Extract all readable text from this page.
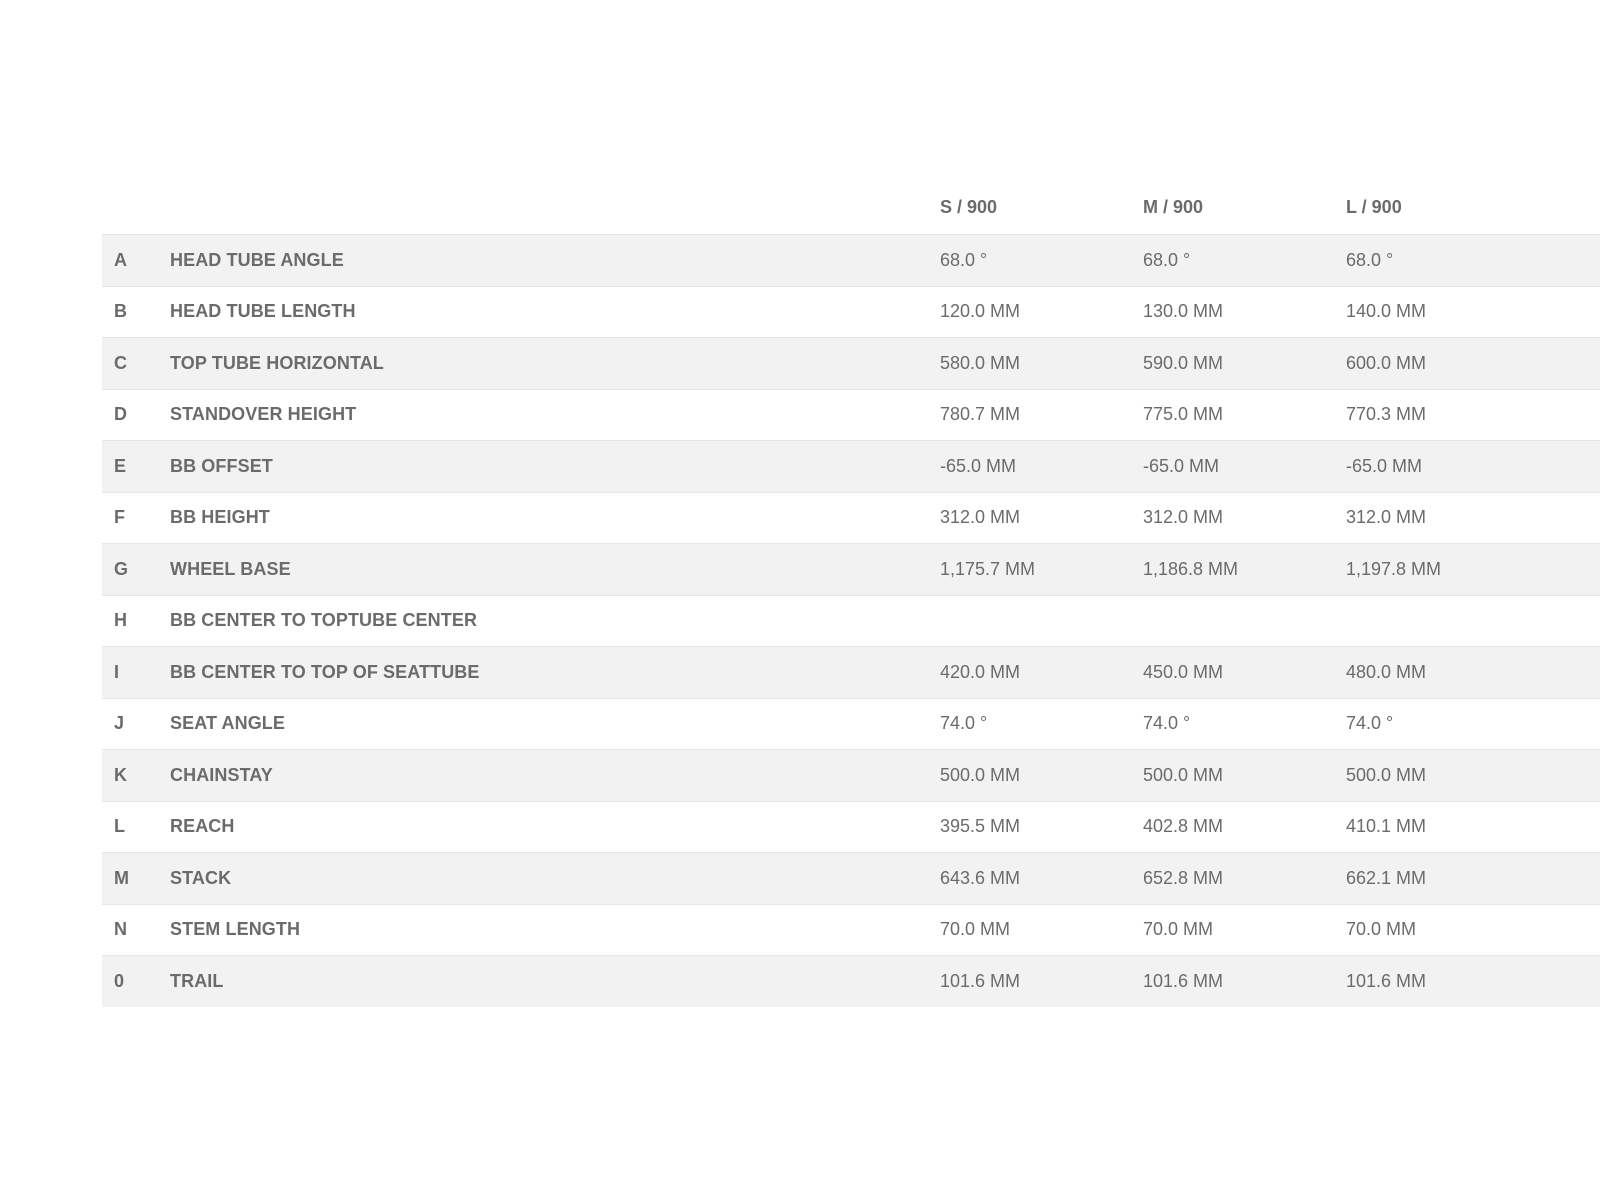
		S / 900	M / 900	L / 900
A	HEAD TUBE ANGLE	68.0 °	68.0 °	68.0 °
B	HEAD TUBE LENGTH	120.0 MM	130.0 MM	140.0 MM
C	TOP TUBE HORIZONTAL	580.0 MM	590.0 MM	600.0 MM
D	STANDOVER HEIGHT	780.7 MM	775.0 MM	770.3 MM
E	BB OFFSET	-65.0 MM	-65.0 MM	-65.0 MM
F	BB HEIGHT	312.0 MM	312.0 MM	312.0 MM
G	WHEEL BASE	1,175.7 MM	1,186.8 MM	1,197.8 MM
H	BB CENTER TO TOPTUBE CENTER			
I	BB CENTER TO TOP OF SEATTUBE	420.0 MM	450.0 MM	480.0 MM
J	SEAT ANGLE	74.0 °	74.0 °	74.0 °
K	CHAINSTAY	500.0 MM	500.0 MM	500.0 MM
L	REACH	395.5 MM	402.8 MM	410.1 MM
M	STACK	643.6 MM	652.8 MM	662.1 MM
N	STEM LENGTH	70.0 MM	70.0 MM	70.0 MM
0	TRAIL	101.6 MM	101.6 MM	101.6 MM
